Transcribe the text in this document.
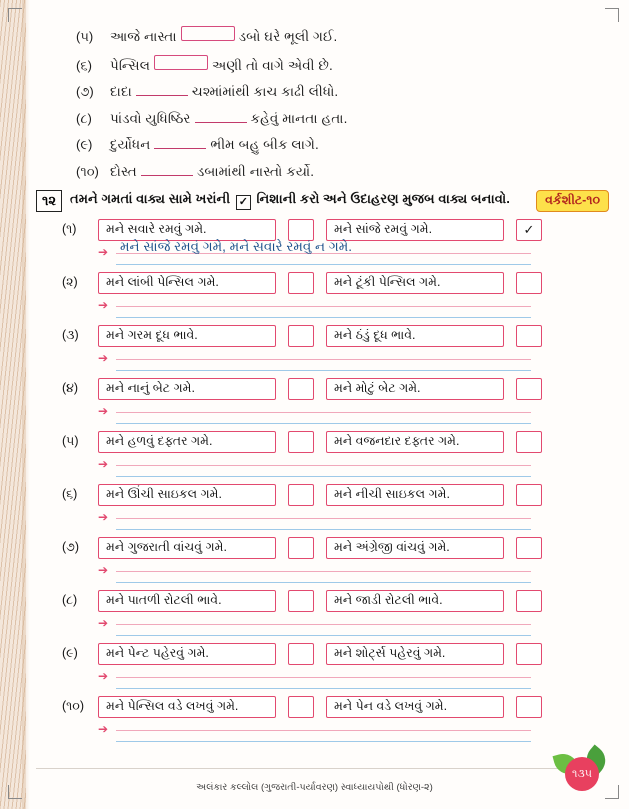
(૫)	આજે નાસ્તા	ડબો ઘરે ભૂલી ગઈ.
(૬)	પેન્સિલ	અણી તો વાગે એવી છે.
(૭)	દાદા	ચશ્માંમાંથી કાચ કાઢી લીધો.
(૮)	પાંડવો યુધિષ્ઠિર	કહેવું માનતા હતા.
(૯)	દુર્યોધન	ભીમ બહુ બીક લાગે.
(૧૦) દોસ્ત	ડબામાંથી નાસ્તો કર્યો.
૧૨	તમને ગમતાં વાક્ય સામે ખરાંની ✓ નિશાની કરો અને ઉદાહરણ મુજબ વાક્ય બનાવો.	વર્કશીટ-૧૦
(૧)	મને સવારે રમવું ગમે.	મને સાંજે રમવું ગમે.	✓
➔ મને સાંજે રમવું ગમે, મને સવારે રમવું ન ગમે.
(૨)	મને લાંબી પેન્સિલ ગમે.	મને ટૂંકી પેન્સિલ ગમે.
➔
(૩)	મને ગરમ દૂધ ભાવે.	મને ઠંડું દૂધ ભાવે.
➔
(૪)	મને નાનું બેટ ગમે.	મને મોટું બેટ ગમે.
➔
(૫)	મને હળવું દફ્તર ગમે.	મને વજનદાર દફ્તર ગમે.
➔
(૬)	મને ઊંચી સાઇકલ ગમે.	મને નીચી સાઇકલ ગમે.
➔
(૭)	મને ગુજરાતી વાંચવું ગમે.	મને અંગ્રેજી વાંચવું ગમે.
➔
(૮)	મને પાતળી રોટલી ભાવે.	મને જાડી રોટલી ભાવે.
➔
(૯)	મને પેન્ટ પહેરવું ગમે.	મને શોર્ટ્સ પહેરવું ગમે.
➔
(૧૦)	મને પેન્સિલ વડે લખવું ગમે.	મને પેન વડે લખવું ગમે.
➔
અલંકાર કલ્લોલ (ગુજરાતી-પર્યાવરણ) સ્વાધ્યાયપોથી (ધોરણ-૨)
૧૩૫
